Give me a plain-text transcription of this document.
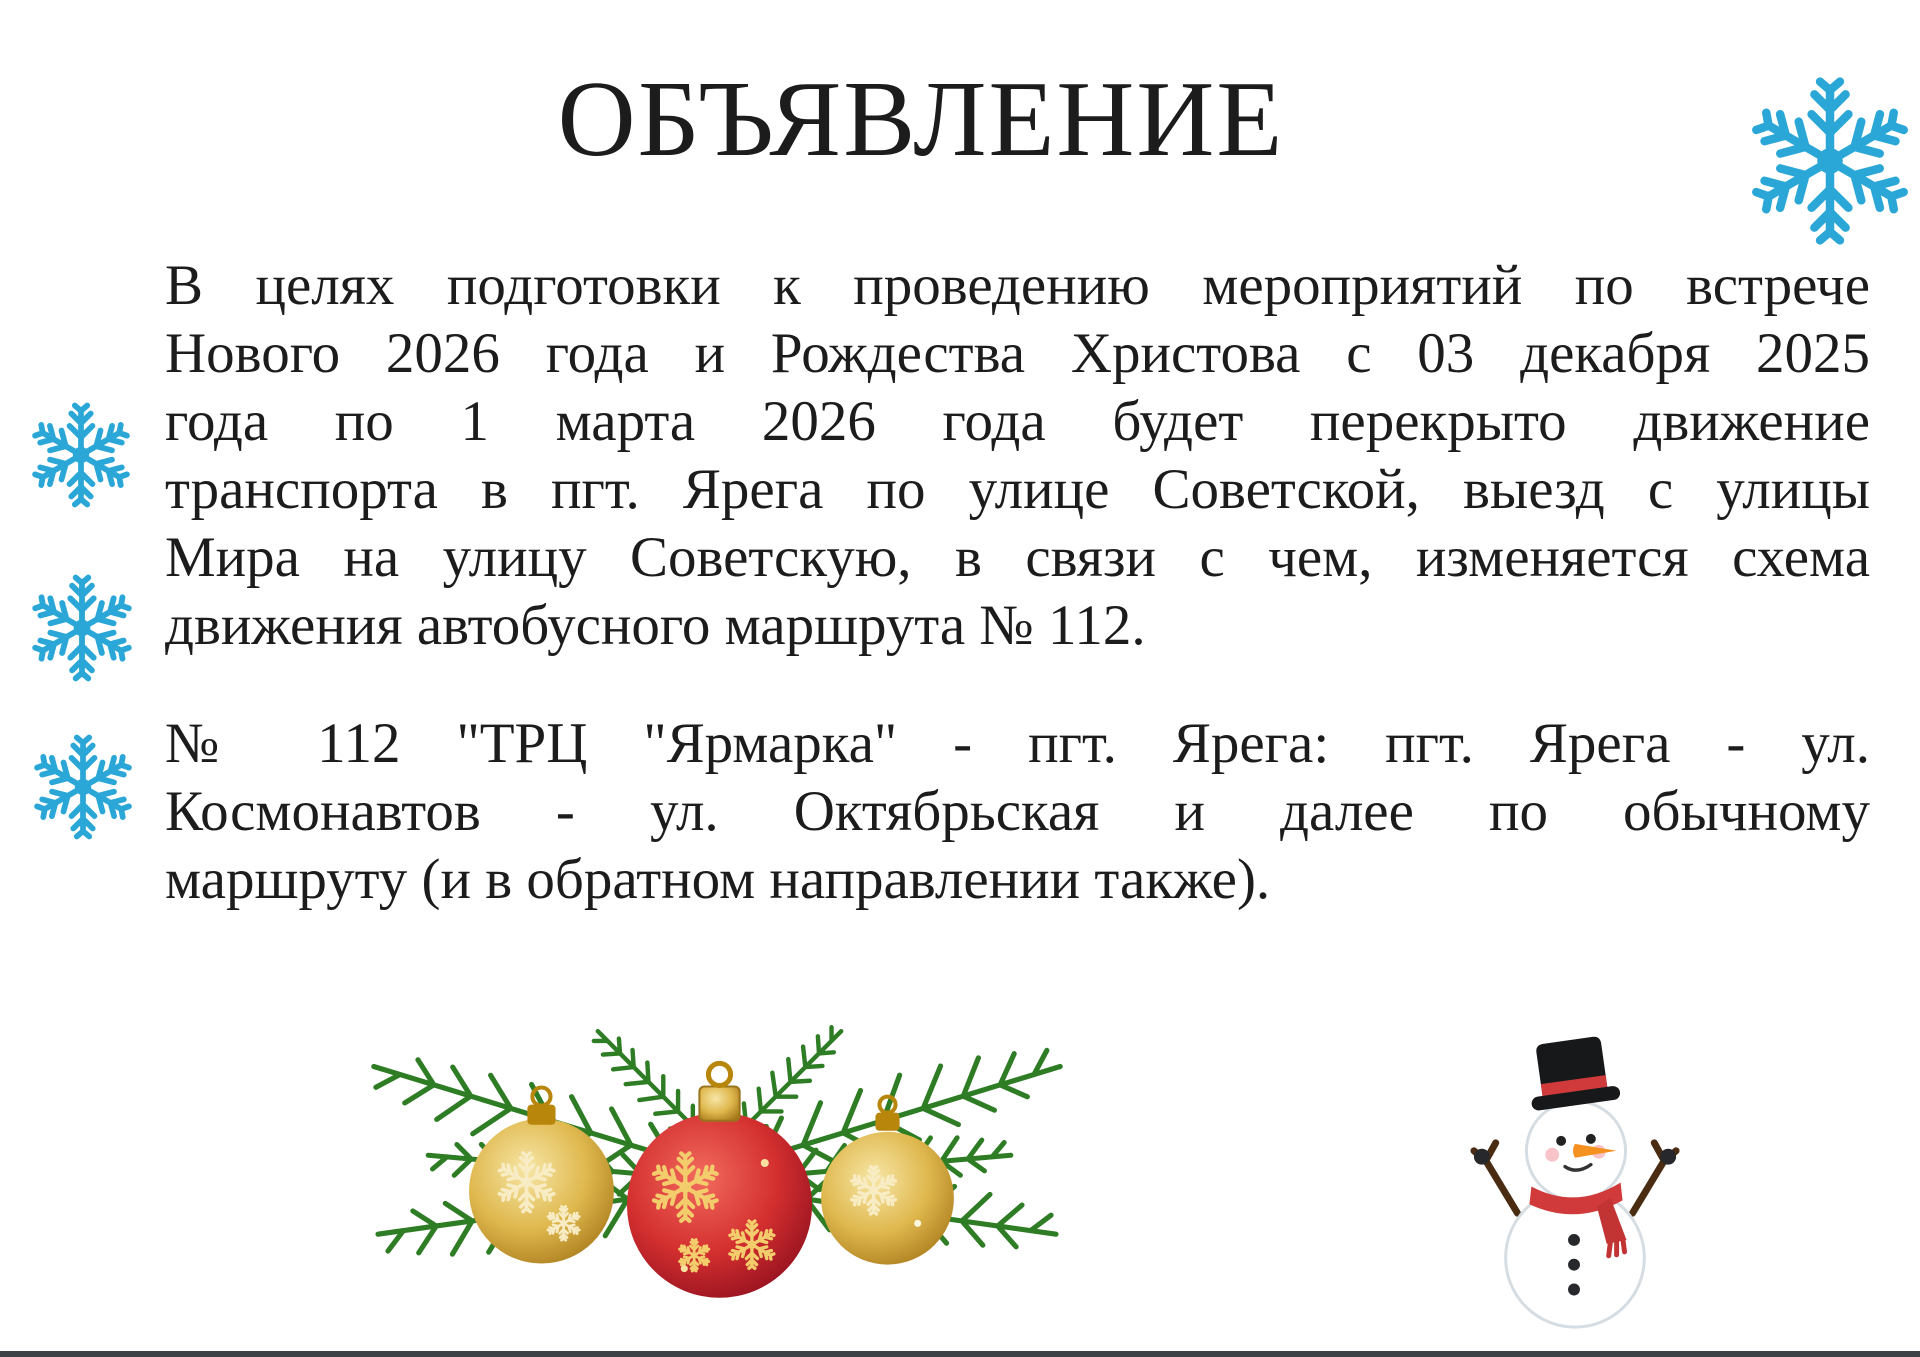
ОБЪЯВЛЕНИЕ
В целях подготовки к проведению мероприятий по встрече
Нового 2026 года и Рождества Христова с 03 декабря 2025
года по 1 марта 2026 года будет перекрыто движение
транспорта в пгт. Ярега по улице Советской, выезд с улицы
Мира на улицу Советскую, в связи с чем, изменяется схема
движения автобусного маршрута № 112.
№ 112 "ТРЦ "Ярмарка" - пгт. Ярега: пгт. Ярега - ул.
Космонавтов - ул. Октябрьская и далее по обычному
маршруту (и в обратном направлении также).
